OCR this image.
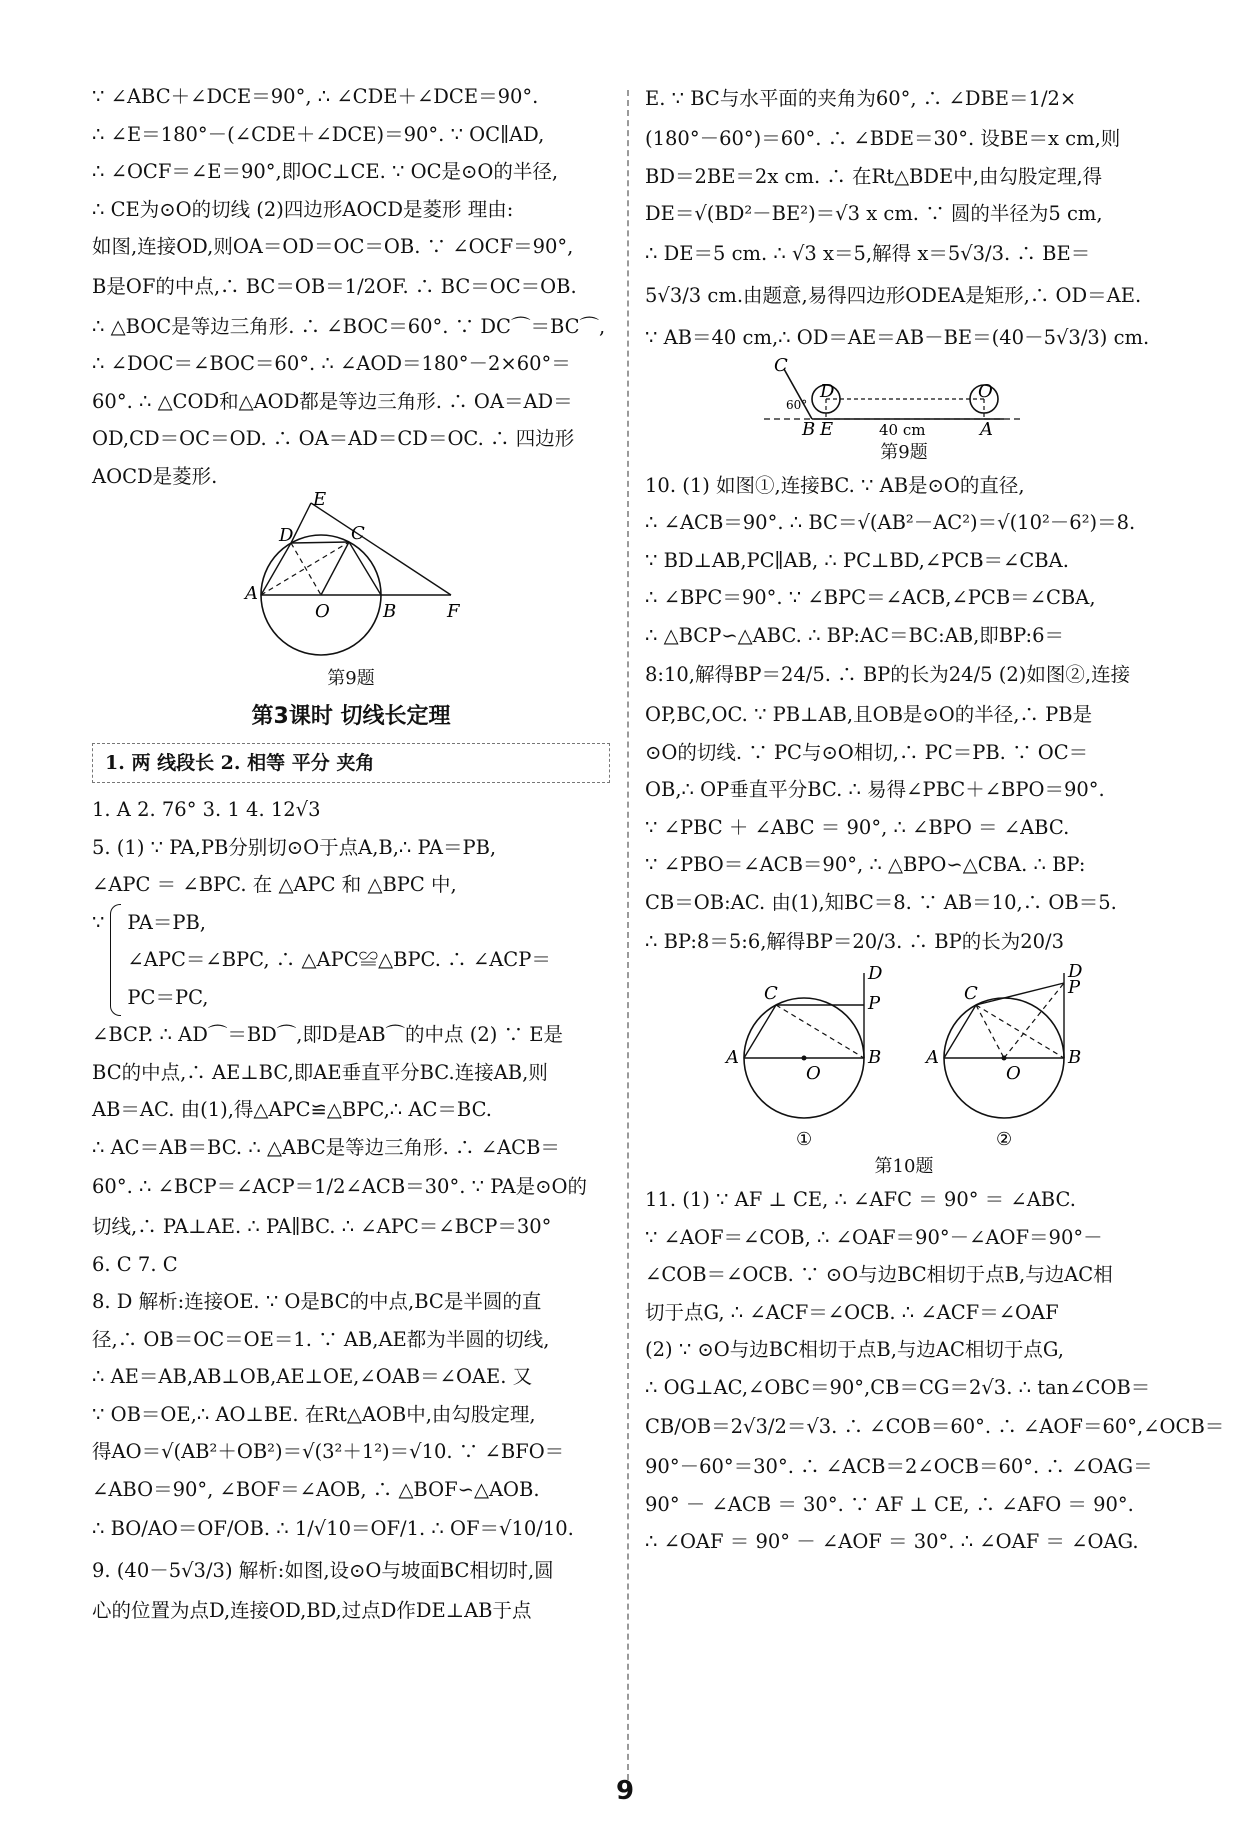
∵ ∠ABC＋∠DCE＝90°, ∴ ∠CDE＋∠DCE＝90°.
∴ ∠E＝180°－(∠CDE＋∠DCE)＝90°. ∵ OC∥AD,
∴ ∠OCF＝∠E＝90°,即OC⊥CE. ∵ OC是⊙O的半径,
∴ CE为⊙O的切线 (2)四边形AOCD是菱形 理由:
如图,连接OD,则OA＝OD＝OC＝OB. ∵ ∠OCF＝90°,
B是OF的中点,∴ BC＝OB＝1/2OF. ∴ BC＝OC＝OB.
∴ △BOC是等边三角形. ∴ ∠BOC＝60°. ∵ DC⌒＝BC⌒,
∴ ∠DOC＝∠BOC＝60°. ∴ ∠AOD＝180°－2×60°＝
60°. ∴ △COD和△AOD都是等边三角形. ∴ OA＝AD＝
OD,CD＝OC＝OD. ∴ OA＝AD＝CD＝OC. ∴ 四边形
AOCD是菱形.
E
D	C
A
O	B	F
第9题
第3课时 切线长定理
1. 两 线段长 2. 相等 平分 夹角
1. A 2. 76° 3. 1 4. 12√3
5. (1) ∵ PA,PB分别切⊙O于点A,B,∴ PA＝PB,
∠APC ＝ ∠BPC. 在 △APC 和 △BPC 中,
∵	PA＝PB,
∠APC＝∠BPC, ∴ △APC≌△BPC. ∴ ∠ACP＝
PC＝PC,
∠BCP. ∴ AD⌒＝BD⌒,即D是AB⌒的中点 (2) ∵ E是
BC的中点,∴ AE⊥BC,即AE垂直平分BC.连接AB,则
AB＝AC. 由(1),得△APC≌△BPC,∴ AC＝BC.
∴ AC＝AB＝BC. ∴ △ABC是等边三角形. ∴ ∠ACB＝
60°. ∴ ∠BCP＝∠ACP＝1/2∠ACB＝30°. ∵ PA是⊙O的
切线,∴ PA⊥AE. ∴ PA∥BC. ∴ ∠APC＝∠BCP＝30°
6. C 7. C
8. D 解析:连接OE. ∵ O是BC的中点,BC是半圆的直
径,∴ OB＝OC＝OE＝1. ∵ AB,AE都为半圆的切线,
∴ AE＝AB,AB⊥OB,AE⊥OE,∠OAB＝∠OAE. 又
∵ OB＝OE,∴ AO⊥BE. 在Rt△AOB中,由勾股定理,
得AO＝√(AB²＋OB²)＝√(3²＋1²)＝√10. ∵ ∠BFO＝
∠ABO＝90°, ∠BOF＝∠AOB, ∴ △BOF∽△AOB.
∴ BO/AO＝OF/OB. ∴ 1/√10＝OF/1. ∴ OF＝√10/10.
9. (40－5√3/3) 解析:如图,设⊙O与坡面BC相切时,圆
心的位置为点D,连接OD,BD,过点D作DE⊥AB于点
E. ∵ BC与水平面的夹角为60°, ∴ ∠DBE＝1/2×
(180°－60°)＝60°. ∴ ∠BDE＝30°. 设BE＝x cm,则
BD＝2BE＝2x cm. ∴ 在Rt△BDE中,由勾股定理,得
DE＝√(BD²－BE²)＝√3 x cm. ∵ 圆的半径为5 cm,
∴ DE＝5 cm. ∴ √3 x＝5,解得 x＝5√3/3. ∴ BE＝
5√3/3 cm.由题意,易得四边形ODEA是矩形,∴ OD＝AE.
∵ AB＝40 cm,∴ OD＝AE＝AB－BE＝(40－5√3/3) cm.
C
D	O
B E	A
60°
40 cm
第9题
10. (1) 如图①,连接BC. ∵ AB是⊙O的直径,
∴ ∠ACB＝90°. ∴ BC＝√(AB²－AC²)＝√(10²－6²)＝8.
∵ BD⊥AB,PC∥AB, ∴ PC⊥BD,∠PCB＝∠CBA.
∴ ∠BPC＝90°. ∵ ∠BPC＝∠ACB,∠PCB＝∠CBA,
∴ △BCP∽△ABC. ∴ BP:AC＝BC:AB,即BP:6＝
8:10,解得BP＝24/5. ∴ BP的长为24/5 (2)如图②,连接
OP,BC,OC. ∵ PB⊥AB,且OB是⊙O的半径,∴ PB是
⊙O的切线. ∵ PC与⊙O相切,∴ PC＝PB. ∵ OC＝
OB,∴ OP垂直平分BC. ∴ 易得∠PBC＋∠BPO＝90°.
∵ ∠PBC ＋ ∠ABC ＝ 90°, ∴ ∠BPO ＝ ∠ABC.
∵ ∠PBO＝∠ACB＝90°, ∴ △BPO∽△CBA. ∴ BP:
CB＝OB:AC. 由(1),知BC＝8. ∵ AB＝10,∴ OB＝5.
∴ BP:8＝5:6,解得BP＝20/3. ∴ BP的长为20/3
C
D
P
A
O
B
①
C
D
P
A
O
B
②
第10题
11. (1) ∵ AF ⊥ CE, ∴ ∠AFC ＝ 90° ＝ ∠ABC.
∵ ∠AOF＝∠COB, ∴ ∠OAF＝90°－∠AOF＝90°－
∠COB＝∠OCB. ∵ ⊙O与边BC相切于点B,与边AC相
切于点G, ∴ ∠ACF＝∠OCB. ∴ ∠ACF＝∠OAF
(2) ∵ ⊙O与边BC相切于点B,与边AC相切于点G,
∴ OG⊥AC,∠OBC＝90°,CB＝CG＝2√3. ∴ tan∠COB＝
CB/OB＝2√3/2＝√3. ∴ ∠COB＝60°. ∴ ∠AOF＝60°,∠OCB＝
90°－60°＝30°. ∴ ∠ACB＝2∠OCB＝60°. ∴ ∠OAG＝
90° － ∠ACB ＝ 30°. ∵ AF ⊥ CE, ∴ ∠AFO ＝ 90°.
∴ ∠OAF ＝ 90° － ∠AOF ＝ 30°. ∴ ∠OAF ＝ ∠OAG.
9
